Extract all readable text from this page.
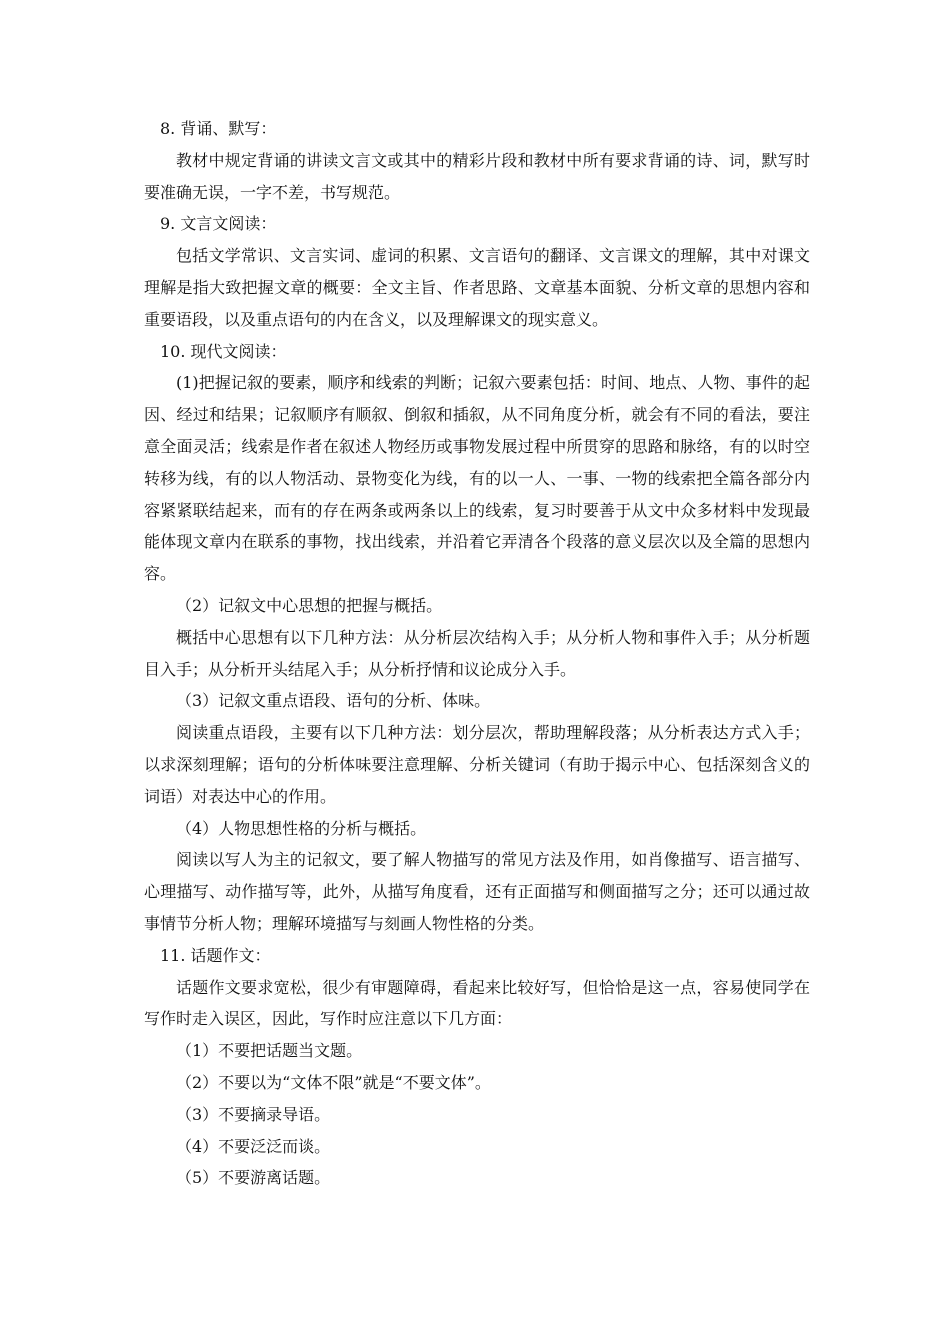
8. 背诵、默写：
教材中规定背诵的讲读文言文或其中的精彩片段和教材中所有要求背诵的诗、词，默写时要准确无误，一字不差，书写规范。
9. 文言文阅读：
包括文学常识、文言实词、虚词的积累、文言语句的翻译、文言课文的理解，其中对课文理解是指大致把握文章的概要：全文主旨、作者思路、文章基本面貌、分析文章的思想内容和重要语段，以及重点语句的内在含义，以及理解课文的现实意义。
10. 现代文阅读：
(1)把握记叙的要素，顺序和线索的判断；记叙六要素包括：时间、地点、人物、事件的起因、经过和结果；记叙顺序有顺叙、倒叙和插叙，从不同角度分析，就会有不同的看法，要注意全面灵活；线索是作者在叙述人物经历或事物发展过程中所贯穿的思路和脉络，有的以时空转移为线，有的以人物活动、景物变化为线，有的以一人、一事、一物的线索把全篇各部分内容紧紧联结起来，而有的存在两条或两条以上的线索，复习时要善于从文中众多材料中发现最能体现文章内在联系的事物，找出线索，并沿着它弄清各个段落的意义层次以及全篇的思想内容。
（2）记叙文中心思想的把握与概括。
概括中心思想有以下几种方法：从分析层次结构入手；从分析人物和事件入手；从分析题目入手；从分析开头结尾入手；从分析抒情和议论成分入手。
（3）记叙文重点语段、语句的分析、体味。
阅读重点语段，主要有以下几种方法：划分层次，帮助理解段落；从分析表达方式入手；以求深刻理解；语句的分析体味要注意理解、分析关键词（有助于揭示中心、包括深刻含义的词语）对表达中心的作用。
（4）人物思想性格的分析与概括。
阅读以写人为主的记叙文，要了解人物描写的常见方法及作用，如肖像描写、语言描写、心理描写、动作描写等，此外，从描写角度看，还有正面描写和侧面描写之分；还可以通过故事情节分析人物；理解环境描写与刻画人物性格的分类。
11. 话题作文：
话题作文要求宽松，很少有审题障碍，看起来比较好写，但恰恰是这一点，容易使同学在写作时走入误区，因此，写作时应注意以下几方面：
（1）不要把话题当文题。
（2）不要以为“文体不限”就是“不要文体”。
（3）不要摘录导语。
（4）不要泛泛而谈。
（5）不要游离话题。
